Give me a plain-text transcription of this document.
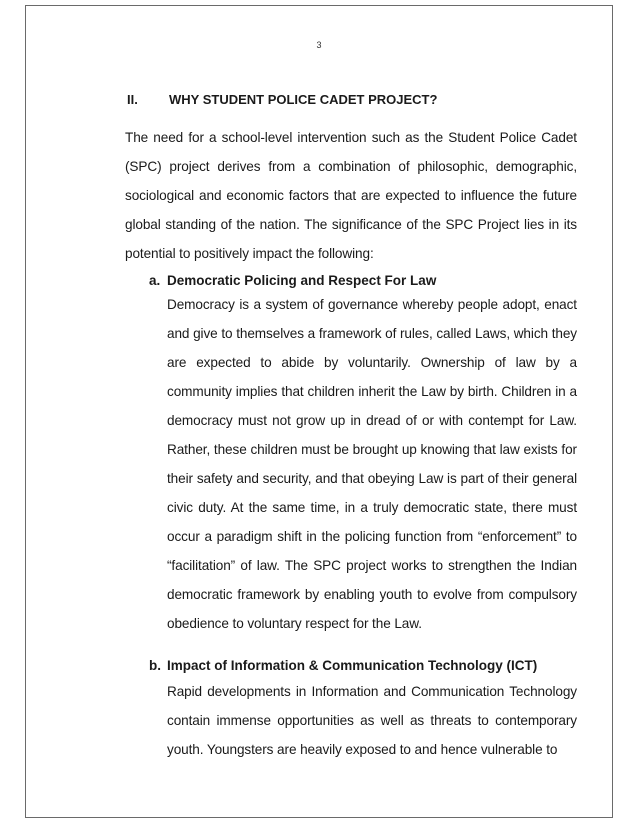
3
II. WHY STUDENT POLICE CADET PROJECT?

The need for a school-level intervention such as the Student Police Cadet (SPC) project derives from a combination of philosophic, demographic, sociological and economic factors that are expected to influence the future global standing of the nation. The significance of the SPC Project lies in its potential to positively impact the following:

a. Democratic Policing and Respect For Law

Democracy is a system of governance whereby people adopt, enact and give to themselves a framework of rules, called Laws, which they are expected to abide by voluntarily. Ownership of law by a community implies that children inherit the Law by birth. Children in a democracy must not grow up in dread of or with contempt for Law. Rather, these children must be brought up knowing that law exists for their safety and security, and that obeying Law is part of their general civic duty. At the same time, in a truly democratic state, there must occur a paradigm shift in the policing function from “enforcement” to “facilitation” of law. The SPC project works to strengthen the Indian democratic framework by enabling youth to evolve from compulsory obedience to voluntary respect for the Law.

b. Impact of Information & Communication Technology (ICT)

Rapid developments in Information and Communication Technology contain immense opportunities as well as threats to contemporary youth. Youngsters are heavily exposed to and hence vulnerable to
